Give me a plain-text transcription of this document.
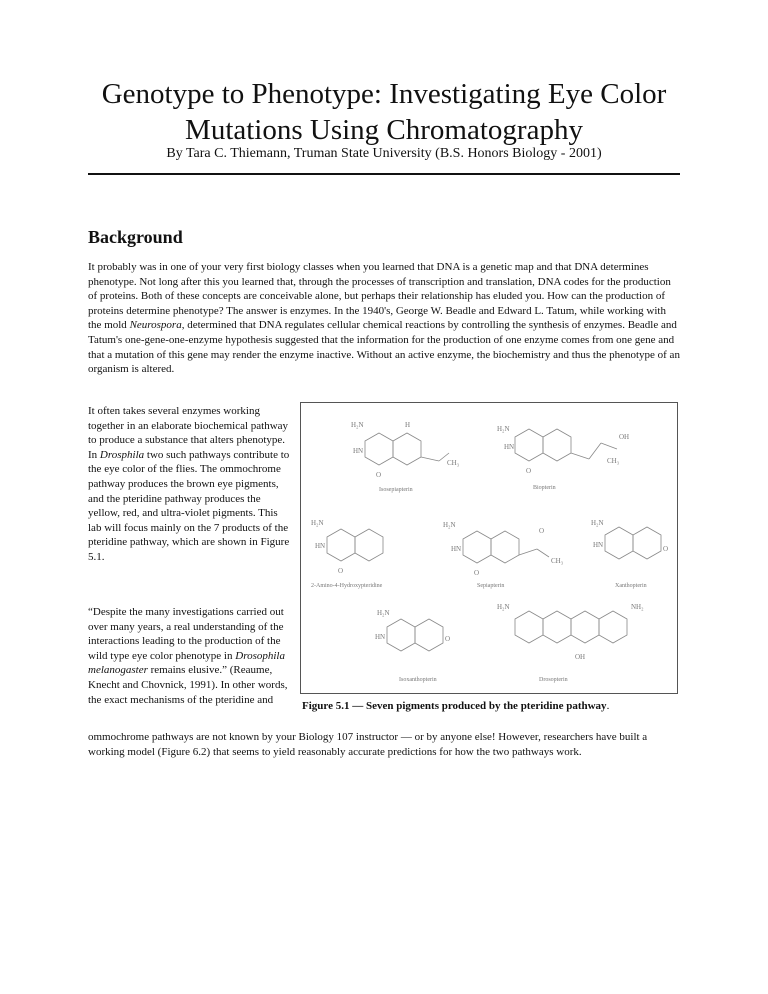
Genotype to Phenotype: Investigating Eye Color Mutations Using Chromatography
By Tara C. Thiemann, Truman State University (B.S. Honors Biology - 2001)
Background

It probably was in one of your very first biology classes when you learned that DNA is a genetic map and that DNA determines phenotype. Not long after this you learned that, through the processes of transcription and translation, DNA codes for the production of proteins. Both of these concepts are conceivable alone, but perhaps their relationship has eluded you. How can the production of proteins determine phenotype? The answer is enzymes. In the 1940's, George W. Beadle and Edward L. Tatum, while working with the mold Neurospora, determined that DNA regulates cellular chemical reactions by controlling the synthesis of enzymes. Beadle and Tatum's one-gene-one-enzyme hypothesis suggested that the information for the production of one enzyme comes from one gene and that a mutation of this gene may render the enzyme inactive. Without an active enzyme, the biochemistry and thus the phenotype of an organism is altered.

It often takes several enzymes working together in an elaborate biochemical pathway to produce a substance that alters phenotype. In Drosphila two such pathways contribute to the eye color of the flies. The ommochrome pathway produces the brown eye pigments, and the pteridine pathway produces the yellow, red, and ultra-violet pigments. This lab will focus mainly on the 7 products of the pteridine pathway, which are shown in Figure 5.1.

“Despite the many investigations carried out over many years, a real understanding of the interactions leading to the production of the wild type eye color phenotype in Drosophila melanogaster remains elusive.” (Reaume, Knecht and Chovnick, 1991). In other words, the exact mechanisms of the pteridine and

ommochrome pathways are not known by your Biology 107 instructor — or by anyone else! However, researchers have built a working model (Figure 6.2) that seems to yield reasonably accurate predictions for how the two pathways work.

H₂N
HN
O
H
CH₃
H₂N
HN
O
OH
CH₃
H₂N
HN
O
H₂N
HN
O
O
CH₃
H₂N
HN	O
H₂N
HN	O
H₂N	NH₂
OH
Isosepiapterin	Biopterin
2-Amino-4-Hydroxypteridine	Sepiapterin	Xanthopterin
Isoxanthopterin	Drosopterin
Figure 5.1 — Seven pigments produced by the pteridine pathway.
